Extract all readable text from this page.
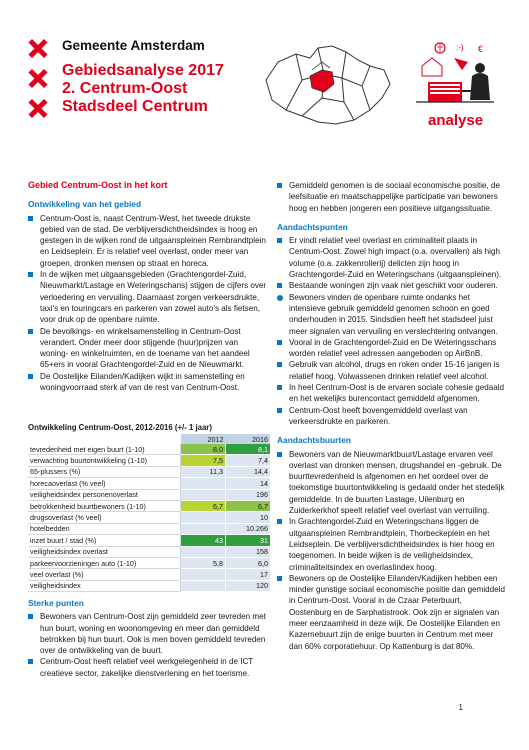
Gemeente Amsterdam
Gebiedsanalyse 2017
2. Centrum-Oost
Stadsdeel Centrum
:-) €
analyse
Gebied Centrum-Oost in het kort
Ontwikkeling van het gebied
Centrum-Oost is, naast Centrum-West, het tweede drukste gebied van de stad. De verblijversdichtheidsindex is hoog en gestegen in de wijken rond de uitgaanspleinen Rembrandtplein en Leidseplein. Er is relatief veel overlast, onder meer van groepen, dronken mensen op straat en horeca.
In de wijken met uitgaansgebieden (Grachtengordel-Zuid, Nieuwmarkt/Lastage en Weteringschans) stijgen de cijfers over verloedering en vervuiling. Daarnaast zorgen verkeersdrukte, taxi's en touringcars en parkeren van zowel auto's als fietsen, voor druk op de openbare ruimte.
De bevolkings- en winkelsamenstelling in Centrum-Oost verandert. Onder meer door stijgende (huur)prijzen van woning- en winkelruimten, en de toename van het aandeel 65+ers in vooral Grachtengordel-Zuid en de Nieuwmarkt.
De Oostelijke Eilanden/Kadijken wijkt in samenstelling en woningvoorraad sterk af van de rest van Centrum-Oost.
Ontwikkeling Centrum-Oost, 2012-2016 (+/- 1 jaar)
	2012	2016
tevredenheid met eigen buurt (1-10)	8,0	8,1
verwachting buurtontwikkeling (1-10)	7,5	7,4
65-plussers (%)	11,3	14,4
horecaoverlast (% veel)		14
veiligheidsindex personenoverlast		196
betrokkenheid buurtbewoners (1-10)	6,7	6,7
drugsoverlast (% veel)		10
hotelbedden		10.266
inzet buurt / stad (%)	43	31
veiligheidsindex overlast		158
parkeervoorzieningen auto (1-10)	5,8	6,0
veel overlast (%)		17
veiligheidsindex		120
Sterke punten
Bewoners van Centrum-Oost zijn gemiddeld zeer tevreden met hun buurt, woning en woonomgeving en meer dan gemiddeld betrokken bij hun buurt. Ook is men boven gemiddeld tevreden over de ontwikkeling van de buurt.
Centrum-Oost heeft relatief veel werkgelegenheid in de ICT creatieve sector, zakelijke dienstverlening en het toerisme.
Gemiddeld genomen is de sociaal economische positie, de leefsituatie en maatschappelijke participatie van bewoners hoog en hebben jongeren een positieve uitgangssituatie.
Aandachtspunten
Er vindt relatief veel overlast en criminaliteit plaats in Centrum-Oost. Zowel high impact (o.a. overvallen) als high volume (o.a. zakkenrollerij) delicten zijn hoog in Grachtengordel-Zuid en Weteringschans (uitgaanspleinen).
Bestaande woningen zijn vaak niet geschikt voor ouderen.
Bewoners vinden de openbare ruimte ondanks het intensieve gebruik gemiddeld genomen schoon en goed onderhouden in 2015. Sindsdien heeft het stadsdeel juist meer signalen van vervuiling en verslechtering ontvangen.
Vooral in de Grachtengordel-Zuid en De Weteringsschans worden relatief veel adressen aangeboden op AirBnB.
Gebruik van alcohol, drugs en roken onder 15-16 jarigen is relatief hoog. Volwassenen drinken relatief veel alcohol.
In heel Centrum-Oost is de ervaren sociale cohesie gedaald en het wekelijks burencontact gemiddeld afgenomen.
Centrum-Oost heeft bovengemiddeld overlast van verkeersdrukte en parkeren.
Aandachtsbuurten
Bewoners van de Nieuwmarktbuurt/Lastage ervaren veel overlast van dronken mensen, drugshandel en -gebruik. De buurttevredenheid is afgenomen en het oordeel over de toekomstige buurtontwikkeling is gedaald onder het stedelijk gemiddelde. In de buurten Lastage, Uilenburg en Zuiderkerkhof speelt relatief veel overlast van verruiling.
In Grachtengordel-Zuid en Weteringschans liggen de uitgaanspleinen Rembrandtplein, Thorbeckeplein en het Leidseplein. De verblijversdichtheidsindex is hier hoog en toegenomen. In beide wijken is de veiligheidsindex, criminaliteitsindex en overlastindex hoog.
Bewoners op de Oostelijke Eilanden/Kadijken hebben een minder gunstige sociaal economische positie dan gemiddeld in Centrum-Oost. Vooral in de Czaar Peterbuurt, Oostenburg en de Sarphatistrook. Ook zijn er signalen van meer eenzaamheid in deze wijk. De Oostelijke Eilanden en Kazernebuurt zijn de enige buurten in Centrum met meer dan 60% corporatiehuur. Op Kattenburg is dat 80%.
1
